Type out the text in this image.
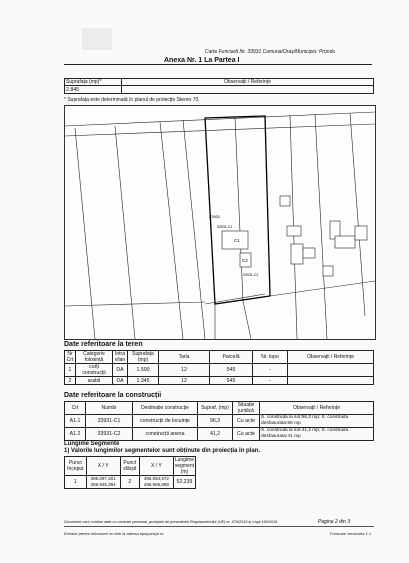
Carte Funciară Nr. 33931 Comuna/Oraș/Municipiu: Prundu
Anexa Nr. 1 La Partea I
Suprafața (mp)*	Observații / Referințe
2.845	
* Suprafața este determinată în planul de proiecție Stereo 70.
C1
C2
33931
33931-C1
33931-C2
Date referitoare la teren
Nr Crt	Categorie folosință	Intra vilan	Suprafața (mp)	Tarla	Parcelă	Nr. topo	Observații / Referințe
1	curți construcții	DA	1.500	12	545	-	
2	arabil	DA	1.345	12	545	-	
Date referitoare la construcții
Crt	Număr	Destinație construcție	Supraf. (mp)	Situație juridică	Observații / Referințe
A1.1	33931-C1	construcții de locuințe	96,3	Cu acte	S. construita la sol:96,3 mp; S. construita desfasurata:96 mp
A1.2	33931-C2	construcții anexa	41,2	Cu acte	S. construita la sol:41,2 mp; S. construita desfasurata:41 mp
Lungime Segmente
1) Valorile lungimilor segmentelor sunt obținute din proiecția în plan.
Punct început	X / Y	Punct sfârșit	X / Y	Lungime segment (m)
1	395.097,301 286.945,394	2	395.084,572 286.995,869	52,239
Document care conține date cu caracter personal, protejate de prevederile Regulamentului (UE) nr. 679/2016 și Legii 190/2018	Pagina 2 din 3
Extrase pentru informare on-line la adresa epay.ancpi.ro	Formular versiunea 1.1
